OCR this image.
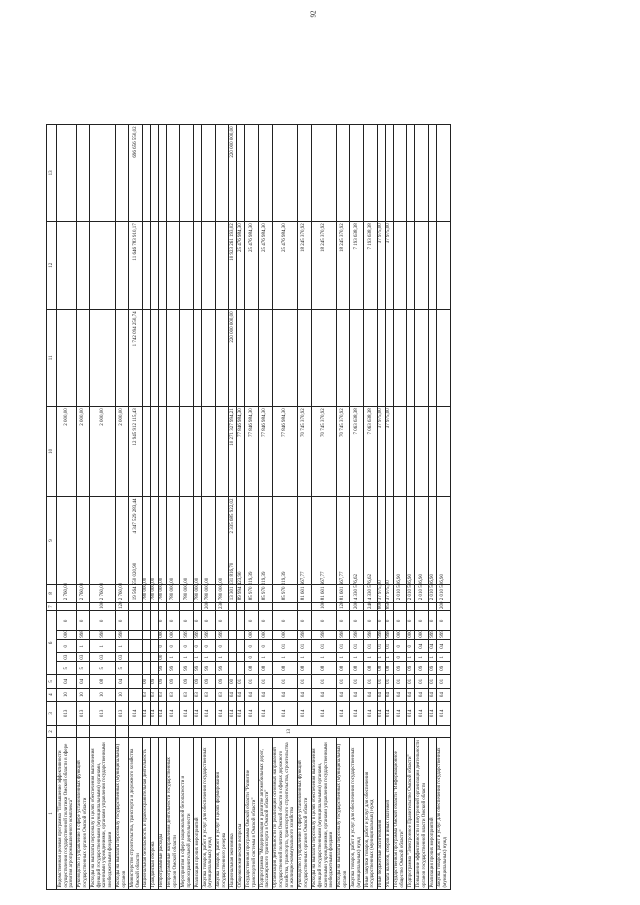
92
1	2	3	4	5	6					7	8	9	10	11	12	13
Ведомственная целевая программа "Повышение эффективности осуществления государственной политики Омской области в сфере развития агропромышленного комплекса"		013	10	04	5	03	0	000	0		2 760,00		2 000,00			
Руководство и управление в сфере установленных функций государственных органов Омской области		013	10	04	5	03	1	998	0		2 760,00		2 000,00			
Расходы на выплаты персоналу в целях обеспечения выполнения функций государственными (муниципальными) органами, казенными учреждениями, органами управления государственными внебюджетными фондами		013	10	08	5	03	1	998	0	100	2 760,00		2 000,00			
Расходы на выплаты персоналу государственных (муниципальных) органов		013	10	04	5	03	1	998	0	120	2 760,00		2 000,00			
Министерство строительства, транспорта и дорожного хозяйства Омской области	13	014									19 564 550 020,90	4 347 529 283,44	12 945 912 115,43	1 742 094 250,74	11 646 783 910,17	696 656 550,02
Национальная безопасность и правоохранительная деятельность		014	03	00							780 000,00					
Гражданская оборона		014	03	09							780 000,00					
Непрограммные расходы		014	03	09	99	00	0	000	0		780 000,00					
Непрограммные направления деятельности государственных органов Омской области		014	03	09	99	1	0	000	0		780 000,00					
Мероприятия в сфере национальной безопасности и правоохранительной деятельности		014	03	09	99	1	0	999	0		780 000,00					
Реализация прочих мероприятий		014	03	09	99	1	0	999	0		780 000,00					
Закупка товаров, работ и услуг для обеспечения государственных (муниципальных) нужд		014	03	09	99	1	0	999	0	200	780 000,00					
Закупка товаров, работ и услуг в целях формирования государственного резерва		014	03	09	99	1	0	999	0	230	780 000,00					
Национальная экономика		014	04	00							13 301 131 816,70	2 335 685 922,02	10 271 327 994,21	220 000 000,00	10 923 261 193,02	220 000 000,00
Общеэкономические вопросы		014	04	01							89 994 423,90		77 846 984,30		25 476 984,30	
Государственная программа Омской области "Развитие транспортной системы в Омской области"		014	04	01	08	0	0	000	0		85 970 219,39		77 846 984,30		25 476 984,30	
Подпрограмма "Модернизация и развитие автомобильных дорог, пассажирского транспорта в Омской области"		014	04	01	08	1	0	000	0		85 970 219,39		77 846 984,30		25 476 984,30	
Организация деятельности по реализации основных направлений государственной политики Омской области в сферах дорожного хозяйства, транспорта, транспортного строительства, строительства и жилищно-коммунального хозяйства		014	04	01	08	1	01	000	0		85 970 219,39		77 846 984,30		25 476 984,30	
Руководство и управление в сфере установленных функций государственных органов Омской области		014	04	01	08	1	01	998	0		81 601 667,77		70 745 370,92		18 245 370,92	
Расходы на выплаты персоналу в целях обеспечения выполнения функций государственными (муниципальными) органами, казенными учреждениями, органами управления государственными внебюджетными фондами		014	04	01	08	1	01	998	0	100	81 601 667,77		70 745 370,92		18 245 370,92	
Расходы на выплаты персоналу государственных (муниципальных) органов		014	04	01	08	1	01	998	0	120	81 601 667,77		70 745 370,92		18 245 370,92	
Закупка товаров, работ и услуг для обеспечения государственных (муниципальных) нужд		014	04	01	08	1	01	998	0	200	4 330 576,62		7 063 638,38		7 193 638,38	
Иные закупки товаров, работ и услуг для обеспечения государственных (муниципальных) нужд		014	04	01	08	1	01	998	0	240	4 330 576,62		7 063 638,38		7 193 638,38	
Иные бюджетные ассигнования		014	04	01	08	1	01	998	0	800	37 975,00		37 975,00		37 975,00	
Уплата налогов, сборов и иных платежей		014	04	01	08	1	01	998	0	850	37 975,00		37 975,00		37 975,00	
Государственная программа Омской области "Информационное общество Омской области"		014	04	01	09	0	0	000	0		2 010 506,90					
Подпрограмма "Электронное Правительство Омской области"		014	04	01	09	1	0	000	0		2 010 506,90					
Повышение эффективности и внутренней организации деятельности органов государственной власти Омской области		014	04	01	09	1	04	000	0		2 010 506,90					
Реализация прочих мероприятий		014	04	01	09	1	04	999	0		2 010 506,90					
Закупка товаров, работ и услуг для обеспечения государственных (муниципальных) нужд		014	04	01	09	1	04	999	0	200	2 010 506,90					
